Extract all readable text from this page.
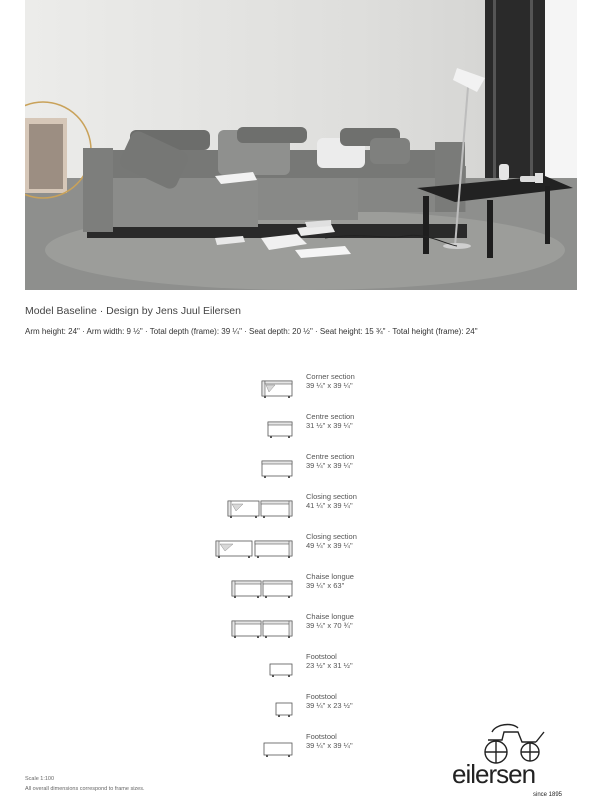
Model Baseline · Design by Jens Juul Eilersen
Arm height: 24" · Arm width: 9 ½" · Total depth (frame): 39 ¼" · Seat depth: 20 ½" · Seat height: 15 ¾" · Total height (frame): 24"
Corner section
39 ¼" x 39 ¼"
Centre section
31 ½" x 39 ¼"
Centre section
39 ¼" x 39 ¼"
Closing section
41 ¼" x 39 ¼"
Closing section
49 ¼" x 39 ¼"
Chaise longue
39 ¼" x 63"
Chaise longue
39 ¼" x 70 ¾"
Footstool
23 ½" x 31 ½"
Footstool
39 ¼" x 23 ½"
Footstool
39 ¼" x 39 ¼"
Scale 1:100
All overall dimensions correspond to frame sizes.	eilersen
since 1895
